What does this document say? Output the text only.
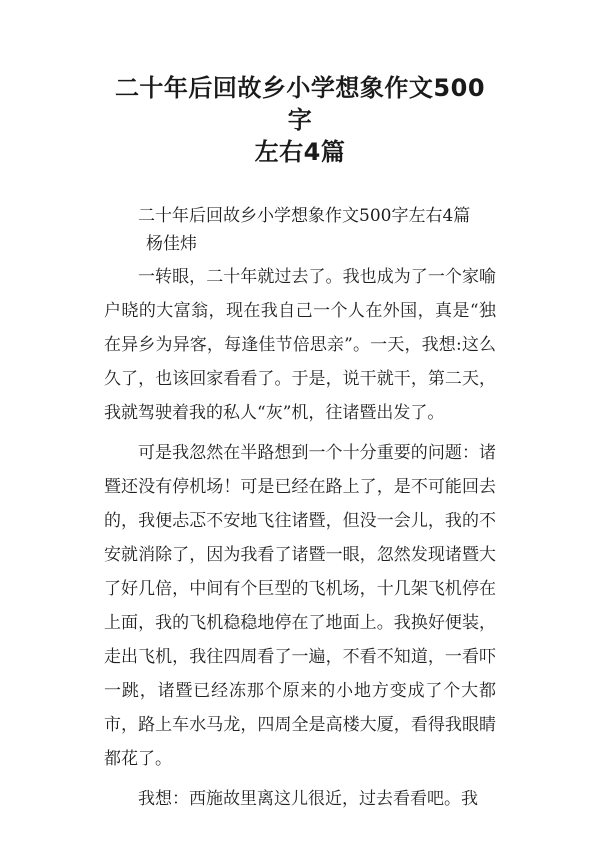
二十年后回故乡小学想象作文500字
左右4篇

二十年后回故乡小学想象作文500字左右4篇

杨佳炜

一转眼，二十年就过去了。我也成为了一个家喻户晓的大富翁，现在我自己一个人在外国，真是“独在异乡为异客，每逢佳节倍思亲”。一天，我想:这么久了，也该回家看看了。于是，说干就干，第二天，我就驾驶着我的私人“灰”机，往诸暨出发了。

可是我忽然在半路想到一个十分重要的问题：诸暨还没有停机场！可是已经在路上了，是不可能回去的，我便忐忑不安地飞往诸暨，但没一会儿，我的不安就消除了，因为我看了诸暨一眼，忽然发现诸暨大了好几倍，中间有个巨型的飞机场，十几架飞机停在上面，我的飞机稳稳地停在了地面上。我换好便装，走出飞机，我往四周看了一遍，不看不知道，一看吓一跳，诸暨已经冻那个原来的小地方变成了个大都市，路上车水马龙，四周全是高楼大厦，看得我眼睛都花了。

我想：西施故里离这儿很近，过去看看吧。我
